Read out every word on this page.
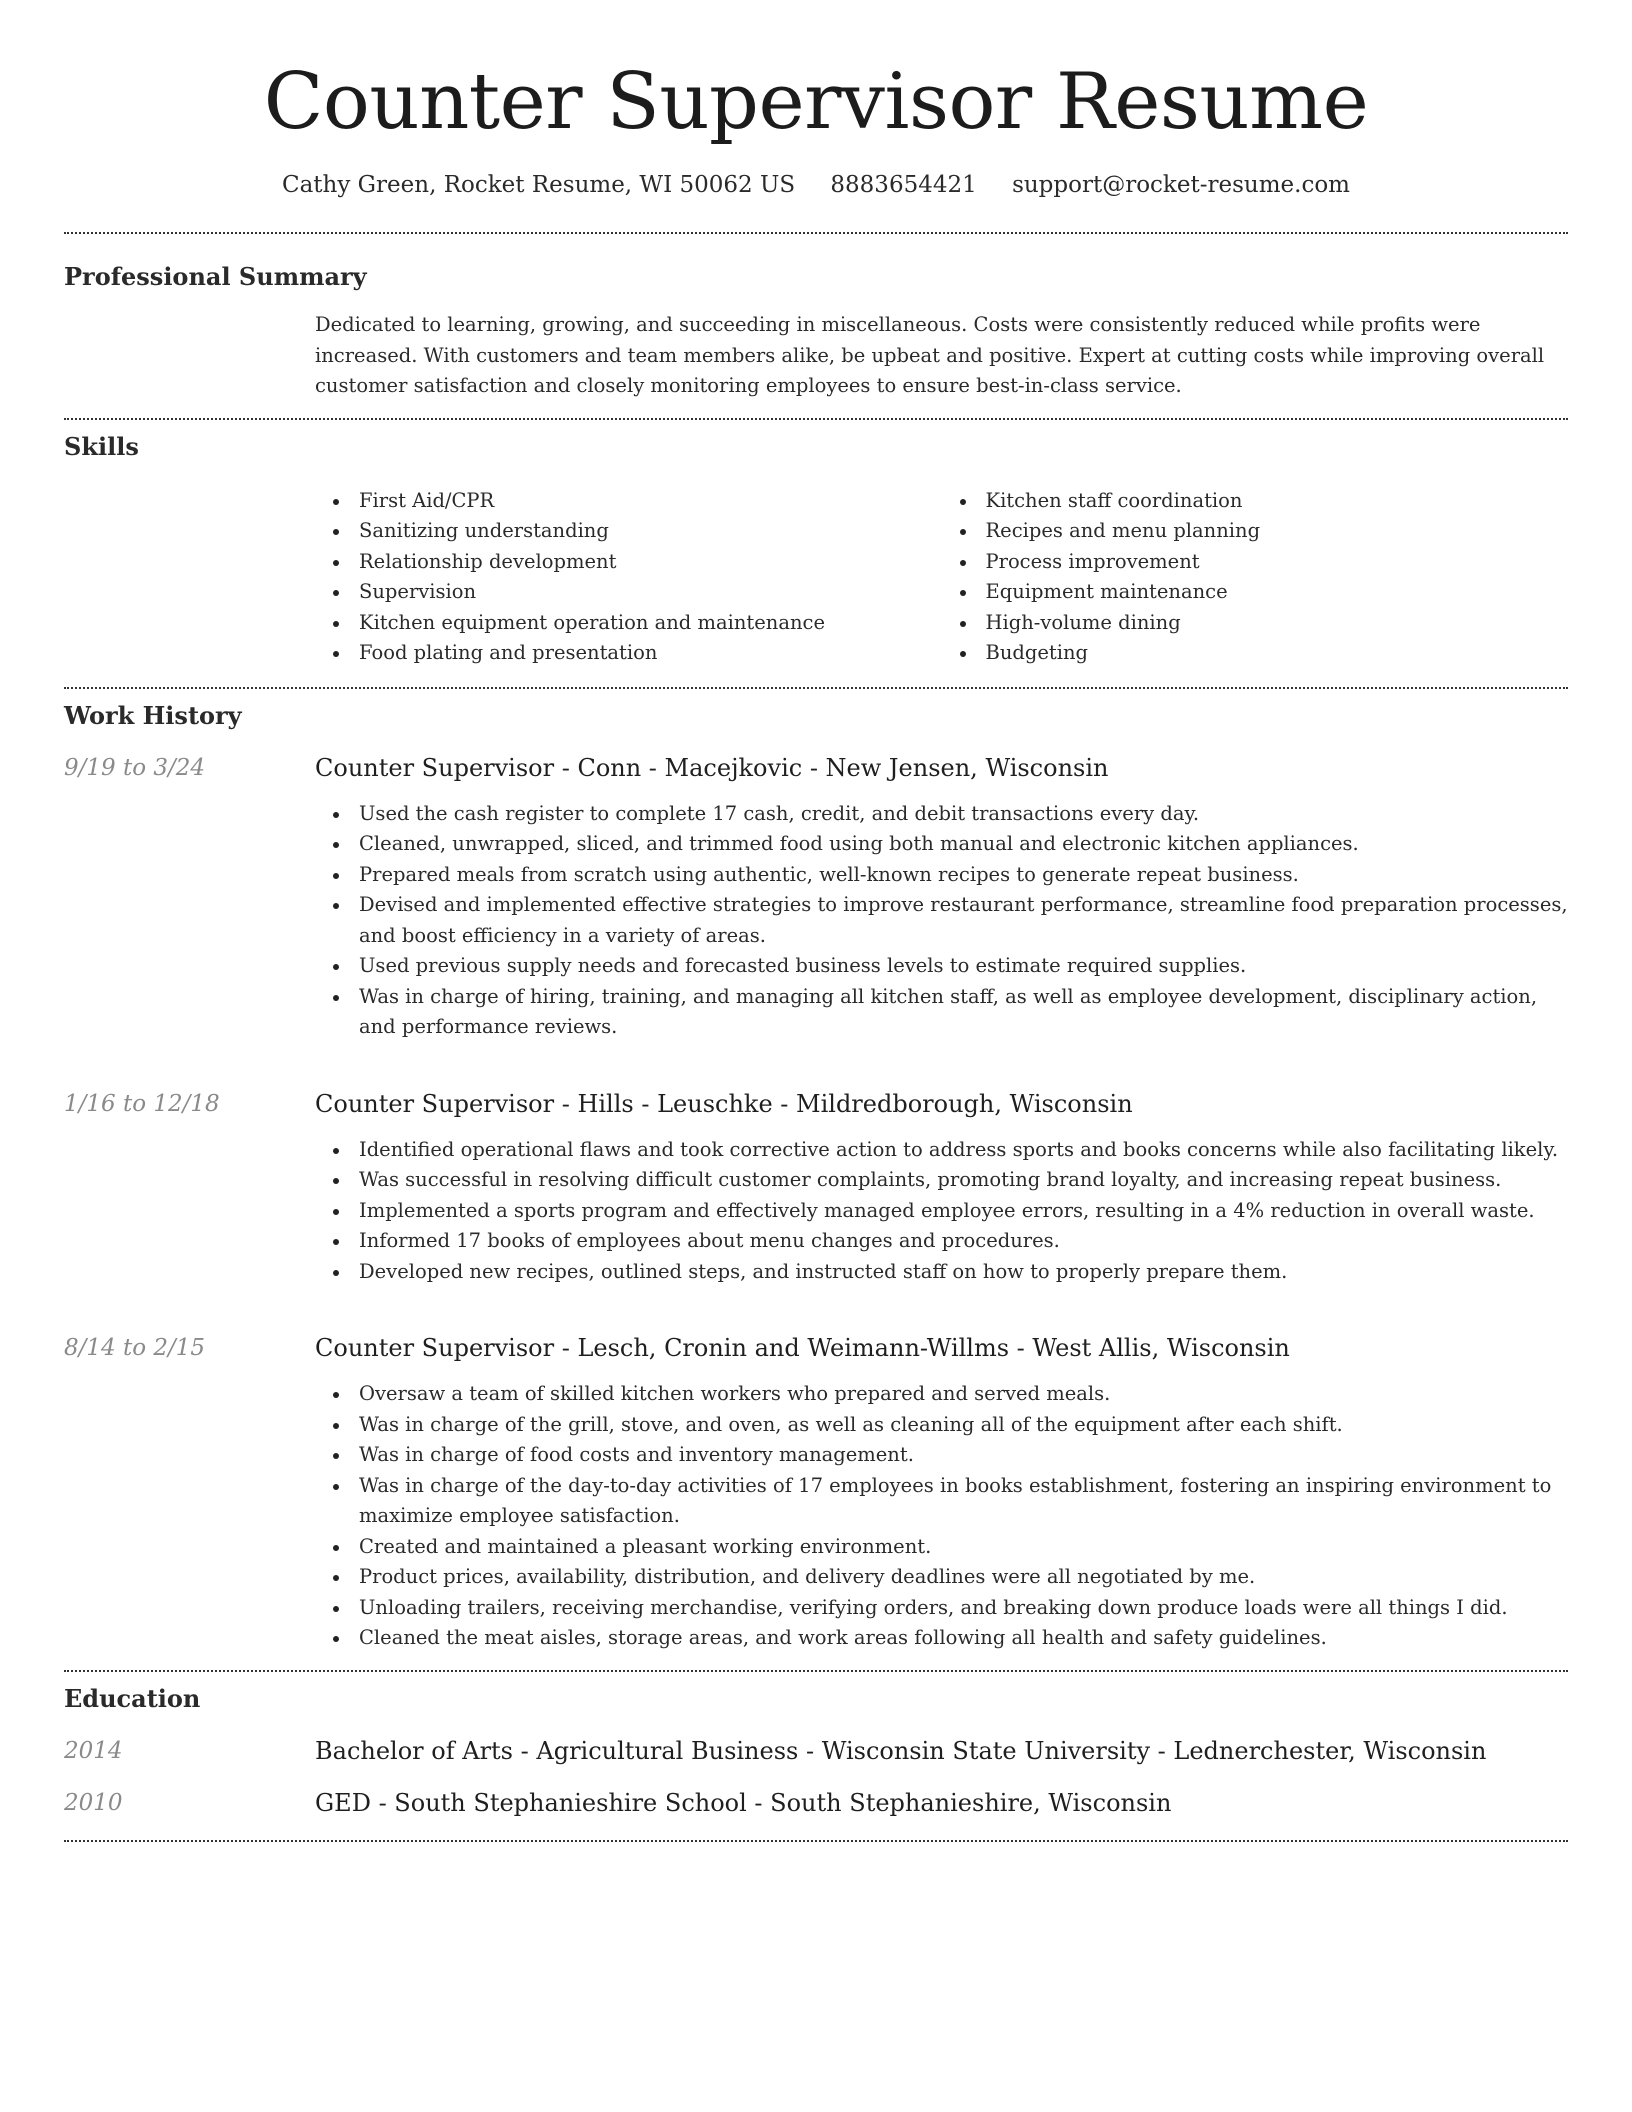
Counter Supervisor Resume
Cathy Green, Rocket Resume, WI 50062 US 8883654421 support@rocket-resume.com
Professional Summary
Dedicated to learning, growing, and succeeding in miscellaneous. Costs were consistently reduced while profits were increased. With customers and team members alike, be upbeat and positive. Expert at cutting costs while improving overall customer satisfaction and closely monitoring employees to ensure best-in-class service.
Skills
First Aid/CPR
Sanitizing understanding
Relationship development
Supervision
Kitchen equipment operation and maintenance
Food plating and presentation
Kitchen staff coordination
Recipes and menu planning
Process improvement
Equipment maintenance
High-volume dining
Budgeting
Work History
9/19 to 3/24	Counter Supervisor - Conn - Macejkovic - New Jensen, Wisconsin
Used the cash register to complete 17 cash, credit, and debit transactions every day.
Cleaned, unwrapped, sliced, and trimmed food using both manual and electronic kitchen appliances.
Prepared meals from scratch using authentic, well-known recipes to generate repeat business.
Devised and implemented effective strategies to improve restaurant performance, streamline food preparation processes, and boost efficiency in a variety of areas.
Used previous supply needs and forecasted business levels to estimate required supplies.
Was in charge of hiring, training, and managing all kitchen staff, as well as employee development, disciplinary action, and performance reviews.
1/16 to 12/18	Counter Supervisor - Hills - Leuschke - Mildredborough, Wisconsin
Identified operational flaws and took corrective action to address sports and books concerns while also facilitating likely.
Was successful in resolving difficult customer complaints, promoting brand loyalty, and increasing repeat business.
Implemented a sports program and effectively managed employee errors, resulting in a 4% reduction in overall waste.
Informed 17 books of employees about menu changes and procedures.
Developed new recipes, outlined steps, and instructed staff on how to properly prepare them.
8/14 to 2/15	Counter Supervisor - Lesch, Cronin and Weimann-Willms - West Allis, Wisconsin
Oversaw a team of skilled kitchen workers who prepared and served meals.
Was in charge of the grill, stove, and oven, as well as cleaning all of the equipment after each shift.
Was in charge of food costs and inventory management.
Was in charge of the day-to-day activities of 17 employees in books establishment, fostering an inspiring environment to maximize employee satisfaction.
Created and maintained a pleasant working environment.
Product prices, availability, distribution, and delivery deadlines were all negotiated by me.
Unloading trailers, receiving merchandise, verifying orders, and breaking down produce loads were all things I did.
Cleaned the meat aisles, storage areas, and work areas following all health and safety guidelines.
Education
2014	Bachelor of Arts - Agricultural Business - Wisconsin State University - Lednerchester, Wisconsin
2010	GED - South Stephanieshire School - South Stephanieshire, Wisconsin
